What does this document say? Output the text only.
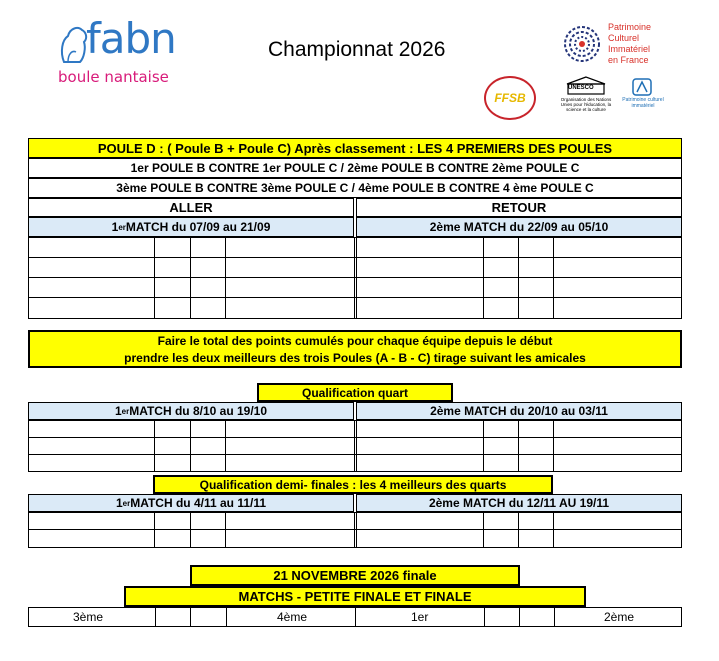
fabn
boule nantaise
Championnat 2026
Patrimoine
Culturel
Immatériel
en France
FFSB
UNESCO
Organisation des Nations Unies pour l'éducation, la science et la culture
Patrimoine culturel immatériel
POULE D : ( Poule B + Poule C) Après classement : LES 4 PREMIERS DES POULES
1er POULE B CONTRE 1er POULE C / 2ème POULE B CONTRE 2ème POULE C
3ème POULE B CONTRE 3ème POULE C / 4ème POULE B CONTRE 4 ème POULE C
ALLER	RETOUR
1 er MATCH du 07/09 au 21/09	2ème MATCH du 22/09 au 05/10
Faire le total des points cumulés pour chaque équipe depuis le début
prendre les deux meilleurs des trois Poules (A - B - C) tirage suivant les amicales
Qualification quart
1 er MATCH du 8/10 au 19/10	2ème MATCH du 20/10 au 03/11
Qualification demi- finales : les 4 meilleurs des quarts
1 er MATCH du 4/11 au 11/11	2ème MATCH du 12/11 AU 19/11
21 NOVEMBRE 2026 finale
MATCHS - PETITE FINALE ET FINALE
3ème	4ème	1er	2ème
